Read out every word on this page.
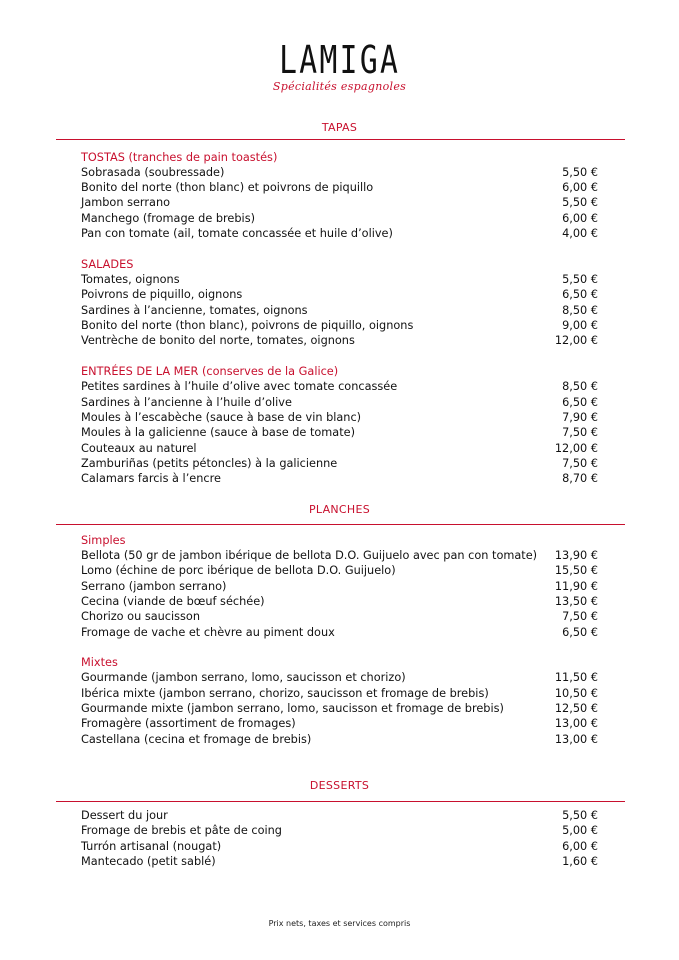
LAMIGA
Spécialités espagnoles
TAPAS
TOSTAS (tranches de pain toastés)
Sobrasada (soubressade)	5,50 €
Bonito del norte (thon blanc) et poivrons de piquillo	6,00 €
Jambon serrano	5,50 €
Manchego (fromage de brebis)	6,00 €
Pan con tomate (ail, tomate concassée et huile d’olive)	4,00 €
SALADES
Tomates, oignons	5,50 €
Poivrons de piquillo, oignons	6,50 €
Sardines à l’ancienne, tomates, oignons	8,50 €
Bonito del norte (thon blanc), poivrons de piquillo, oignons	9,00 €
Ventrèche de bonito del norte, tomates, oignons	12,00 €
ENTRÉES DE LA MER (conserves de la Galice)
Petites sardines à l’huile d’olive avec tomate concassée	8,50 €
Sardines à l’ancienne à l’huile d’olive	6,50 €
Moules à l’escabèche (sauce à base de vin blanc)	7,90 €
Moules à la galicienne (sauce à base de tomate)	7,50 €
Couteaux au naturel	12,00 €
Zamburiñas (petits pétoncles) à la galicienne	7,50 €
Calamars farcis à l’encre	8,70 €
PLANCHES
Simples
Bellota (50 gr de jambon ibérique de bellota D.O. Guijuelo avec pan con tomate) 13,90 €
Lomo (échine de porc ibérique de bellota D.O. Guijuelo)	15,50 €
Serrano (jambon serrano)	11,90 €
Cecina (viande de bœuf séchée)	13,50 €
Chorizo ou saucisson	7,50 €
Fromage de vache et chèvre au piment doux	6,50 €
Mixtes
Gourmande (jambon serrano, lomo, saucisson et chorizo)	11,50 €
Ibérica mixte (jambon serrano, chorizo, saucisson et fromage de brebis)	10,50 €
Gourmande mixte (jambon serrano, lomo, saucisson et fromage de brebis)	12,50 €
Fromagère (assortiment de fromages)	13,00 €
Castellana (cecina et fromage de brebis)	13,00 €
DESSERTS
Dessert du jour	5,50 €
Fromage de brebis et pâte de coing	5,00 €
Turrón artisanal (nougat)	6,00 €
Mantecado (petit sablé)	1,60 €
Prix nets, taxes et services compris
